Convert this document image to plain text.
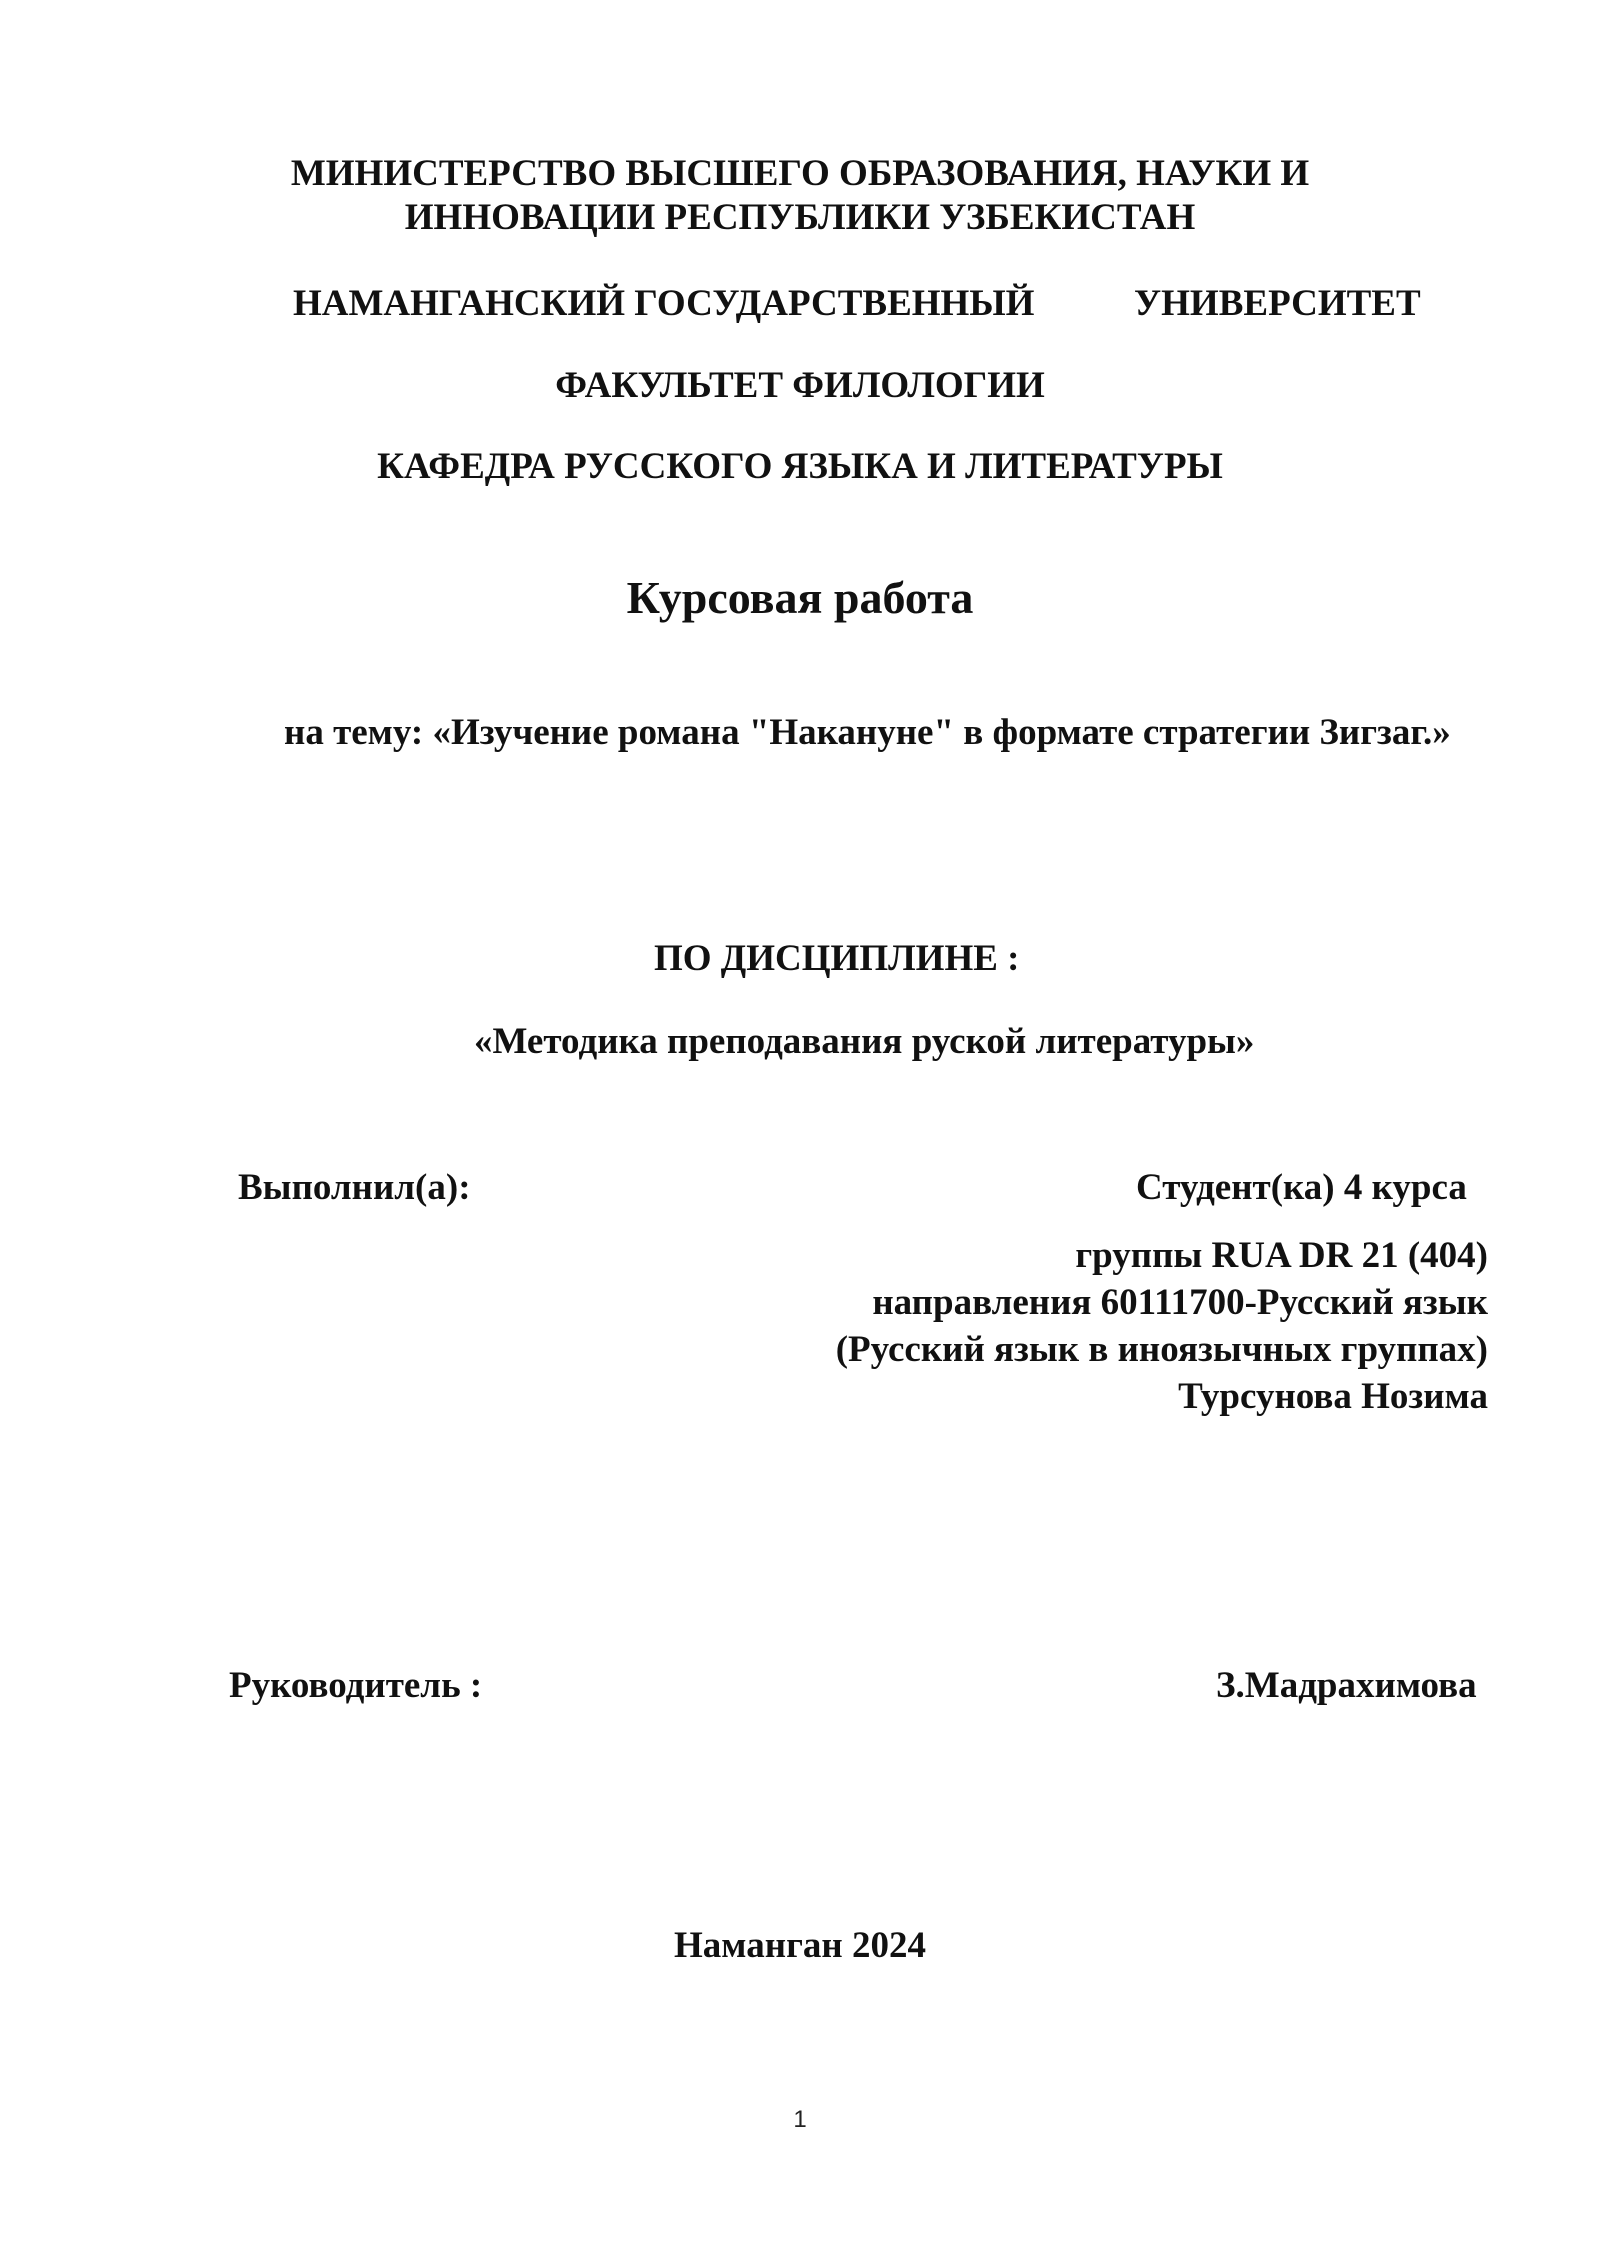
МИНИСТЕРСТВО ВЫСШЕГО ОБРАЗОВАНИЯ, НАУКИ И
ИННОВАЦИИ РЕСПУБЛИКИ УЗБЕКИСТАН
НАМАНГАНСКИЙ ГОСУДАРСТВЕННЫЙ	УНИВЕРСИТЕТ
ФАКУЛЬТЕТ ФИЛОЛОГИИ
КАФЕДРА РУССКОГО ЯЗЫКА И ЛИТЕРАТУРЫ
Курсовая работа
на тему: «Изучение романа "Накануне" в формате стратегии Зигзаг.»
ПО ДИСЦИПЛИНЕ :
«Методика преподавания руской литературы»
Выполнил(а):	Студент(ка) 4 курса
группы RUA DR 21 (404)
направления 60111700-Русский язык
(Русский язык в иноязычных группах)
Турсунова Нозима
Руководитель :	З.Мадрахимова
Наманган 2024
1
